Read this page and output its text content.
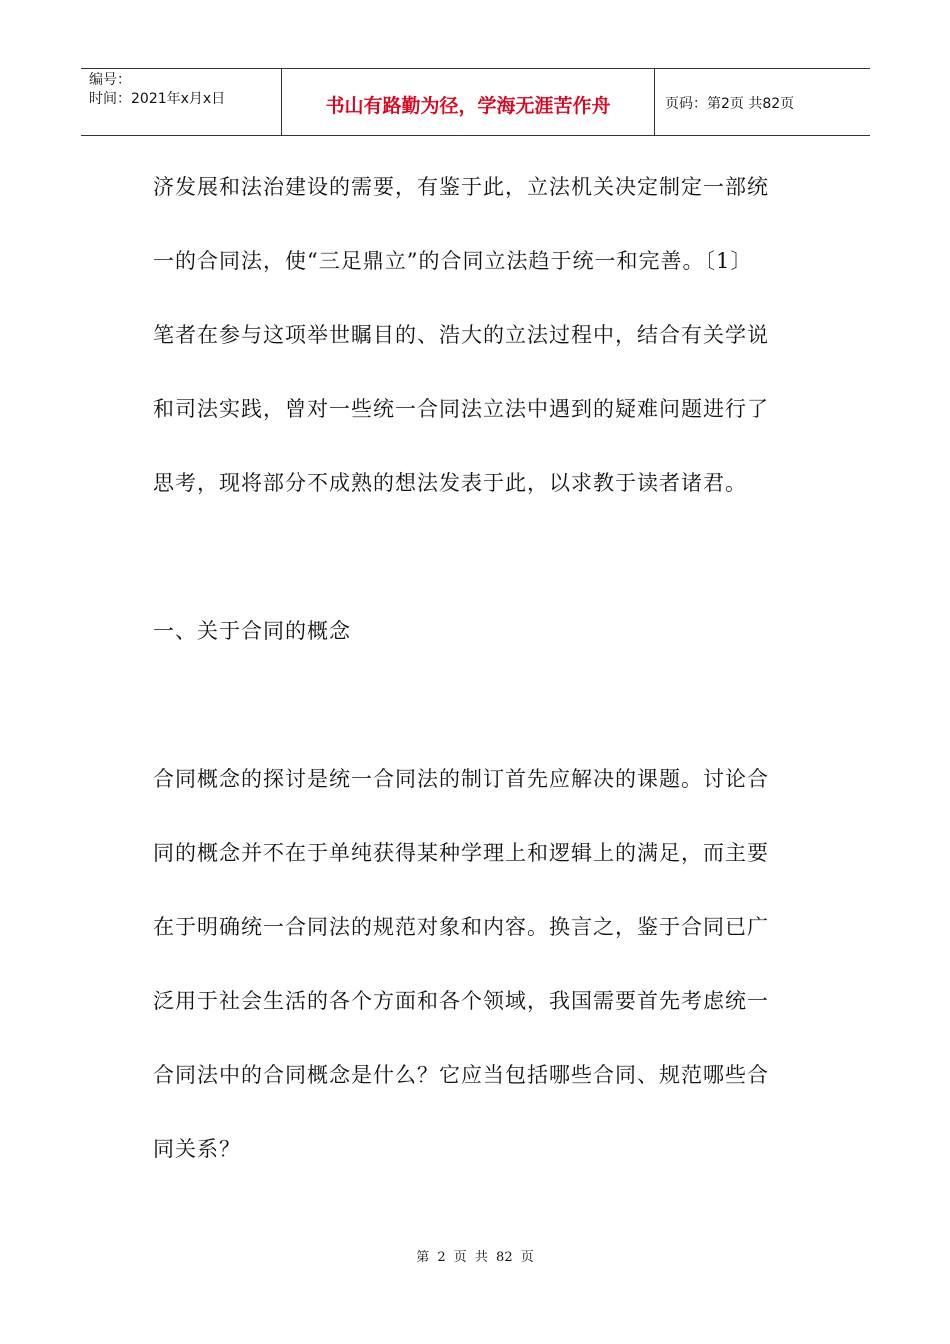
编号：
时间：2021年x月x日	书山有路勤为径，学海无涯苦作舟	页码：第2页 共82页
济发展和法治建设的需要，有鉴于此，立法机关决定制定一部统
一的合同法，使“三足鼎立”的合同立法趋于统一和完善。〔1〕
笔者在参与这项举世瞩目的、浩大的立法过程中，结合有关学说
和司法实践，曾对一些统一合同法立法中遇到的疑难问题进行了
思考，现将部分不成熟的想法发表于此，以求教于读者诸君。
一、关于合同的概念
合同概念的探讨是统一合同法的制订首先应解决的课题。讨论合
同的概念并不在于单纯获得某种学理上和逻辑上的满足，而主要
在于明确统一合同法的规范对象和内容。换言之，鉴于合同已广
泛用于社会生活的各个方面和各个领域，我国需要首先考虑统一
合同法中的合同概念是什么？它应当包括哪些合同、规范哪些合
同关系？
第 2 页 共 82 页
